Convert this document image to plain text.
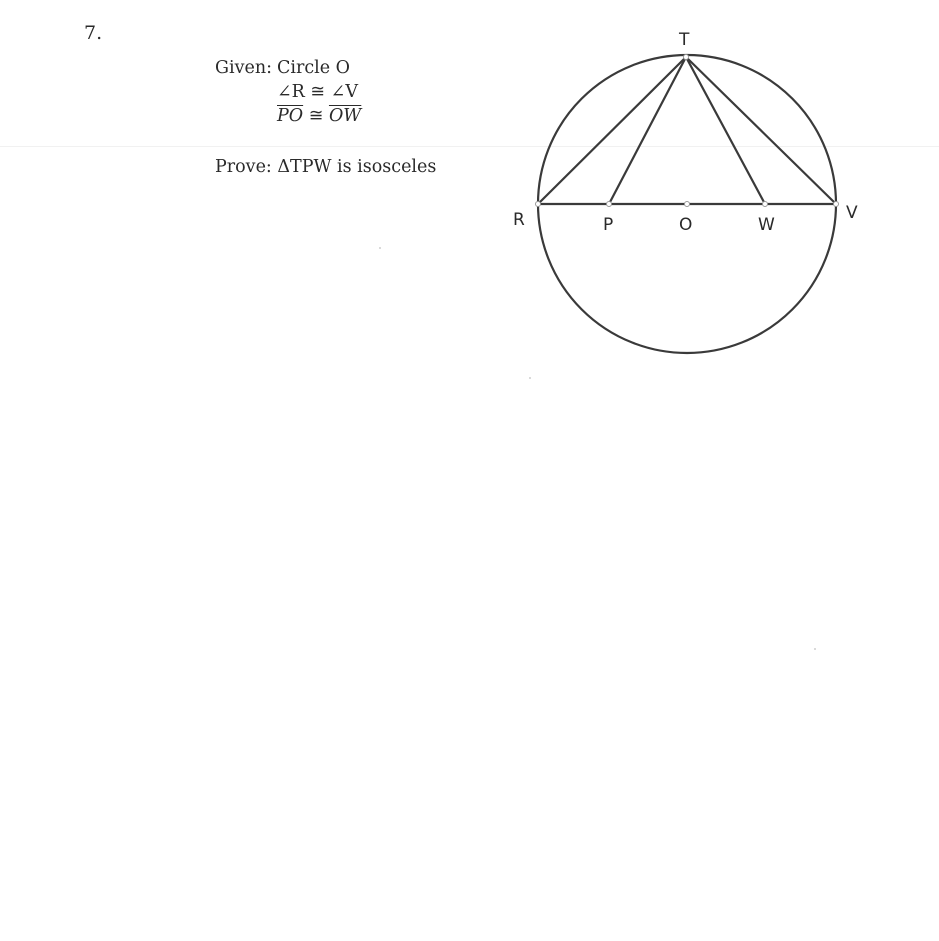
7.
Given: Circle O
∠R ≅ ∠V
$\overline{PO}$ ≅ $\overline{OW}$
Prove: ΔTPW is isosceles
T
R	P	O	W
V
